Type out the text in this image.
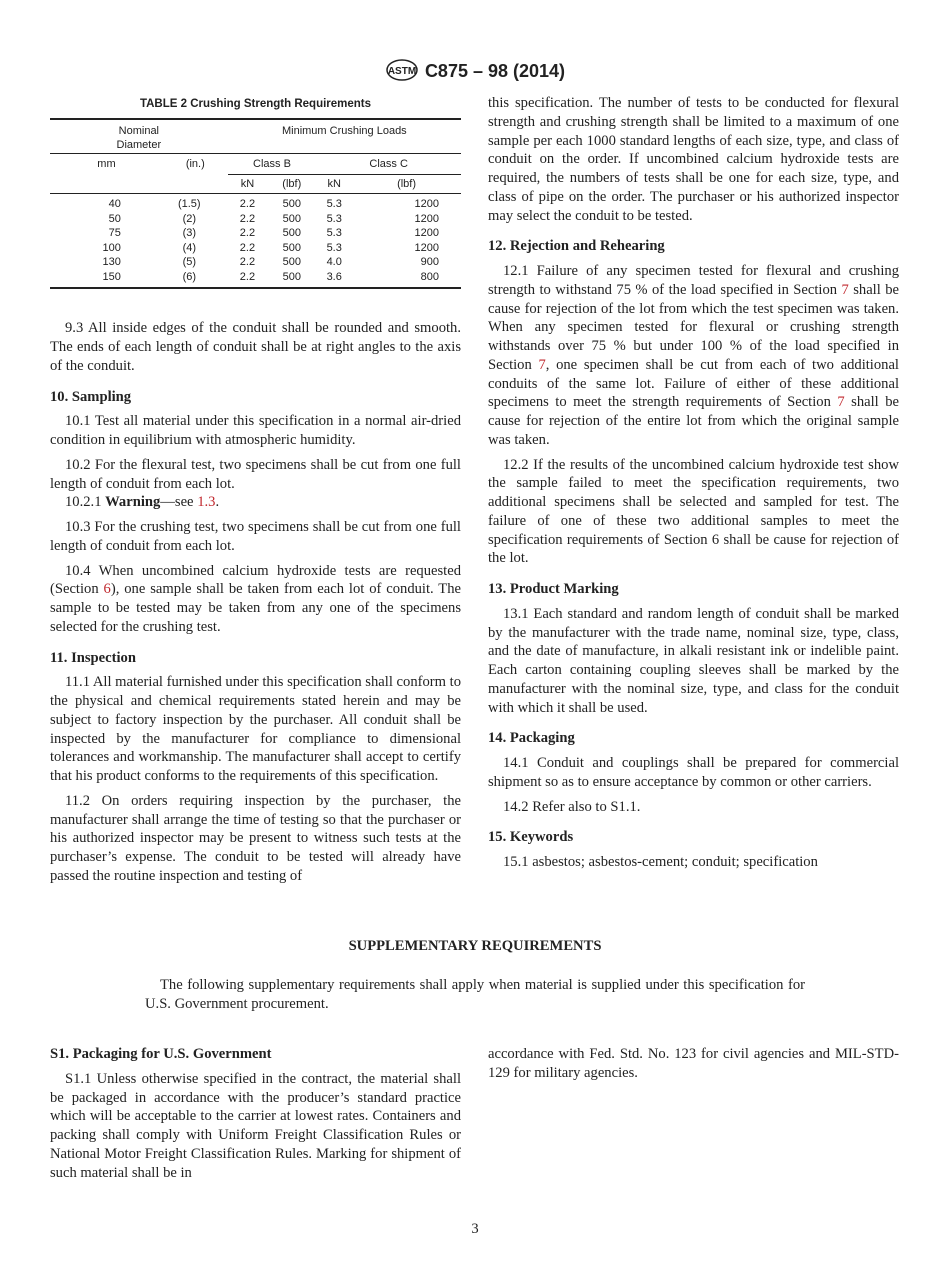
ASTM C875 – 98 (2014)
TABLE 2 Crushing Strength Requirements
Nominal
Diameter		Minimum Crushing Loads			
mm	(in.)	Class B		Class C	
		kN	(lbf)	kN	(lbf)
40	(1.5)	2.2	500	5.3	1200
50	(2)	2.2	500	5.3	1200
75	(3)	2.2	500	5.3	1200
100	(4)	2.2	500	5.3	1200
130	(5)	2.2	500	4.0	900
150	(6)	2.2	500	3.6	800

9.3 All inside edges of the conduit shall be rounded and smooth. The ends of each length of conduit shall be at right angles to the axis of the conduit.

10. Sampling

10.1 Test all material under this specification in a normal air-dried condition in equilibrium with atmospheric humidity.

10.2 For the flexural test, two specimens shall be cut from one full length of conduit from each lot.

10.2.1 Warning—see 1.3.

10.3 For the crushing test, two specimens shall be cut from one full length of conduit from each lot.

10.4 When uncombined calcium hydroxide tests are requested (Section 6), one sample shall be taken from each lot of conduit. The sample to be tested may be taken from any one of the specimens selected for the crushing test.

11. Inspection

11.1 All material furnished under this specification shall conform to the physical and chemical requirements stated herein and may be subject to factory inspection by the purchaser. All conduit shall be inspected by the manufacturer for compliance to dimensional tolerances and workmanship. The manufacturer shall accept to certify that his product conforms to the requirements of this specification.

11.2 On orders requiring inspection by the purchaser, the manufacturer shall arrange the time of testing so that the purchaser or his authorized inspector may be present to witness such tests at the purchaser’s expense. The conduit to be tested will already have passed the routine inspection and testing of

this specification. The number of tests to be conducted for flexural strength and crushing strength shall be limited to a maximum of one sample per each 1000 standard lengths of each size, type, and class of conduit on the order. If uncombined calcium hydroxide tests are required, the numbers of tests shall be one for each size, type, and class of pipe on the order. The purchaser or his authorized inspector may select the conduit to be tested.

12. Rejection and Rehearing

12.1 Failure of any specimen tested for flexural and crushing strength to withstand 75 % of the load specified in Section 7 shall be cause for rejection of the lot from which the test specimen was taken. When any specimen tested for flexural or crushing strength withstands over 75 % but under 100 % of the load specified in Section 7, one specimen shall be cut from each of two additional conduits of the same lot. Failure of either of these additional specimens to meet the strength requirements of Section 7 shall be cause for rejection of the entire lot from which the original sample was taken.

12.2 If the results of the uncombined calcium hydroxide test show the sample failed to meet the specification requirements, two additional specimens shall be selected and sampled for test. The failure of one of these two additional samples to meet the specification requirements of Section 6 shall be cause for rejection of the lot.

13. Product Marking

13.1 Each standard and random length of conduit shall be marked by the manufacturer with the trade name, nominal size, type, class, and the date of manufacture, in alkali resistant ink or indelible paint. Each carton containing coupling sleeves shall be marked by the manufacturer with the nominal size, type, and class for the conduit with which it shall be used.

14. Packaging

14.1 Conduit and couplings shall be prepared for commercial shipment so as to ensure acceptance by common or other carriers.

14.2 Refer also to S1.1.

15. Keywords

15.1 asbestos; asbestos-cement; conduit; specification

SUPPLEMENTARY REQUIREMENTS
The following supplementary requirements shall apply when material is supplied under this specification for U.S. Government procurement.
S1. Packaging for U.S. Government

S1.1 Unless otherwise specified in the contract, the material shall be packaged in accordance with the producer’s standard practice which will be acceptable to the carrier at lowest rates. Containers and packing shall comply with Uniform Freight Classification Rules or National Motor Freight Classification Rules. Marking for shipment of such material shall be in

accordance with Fed. Std. No. 123 for civil agencies and MIL-STD-129 for military agencies.

3
